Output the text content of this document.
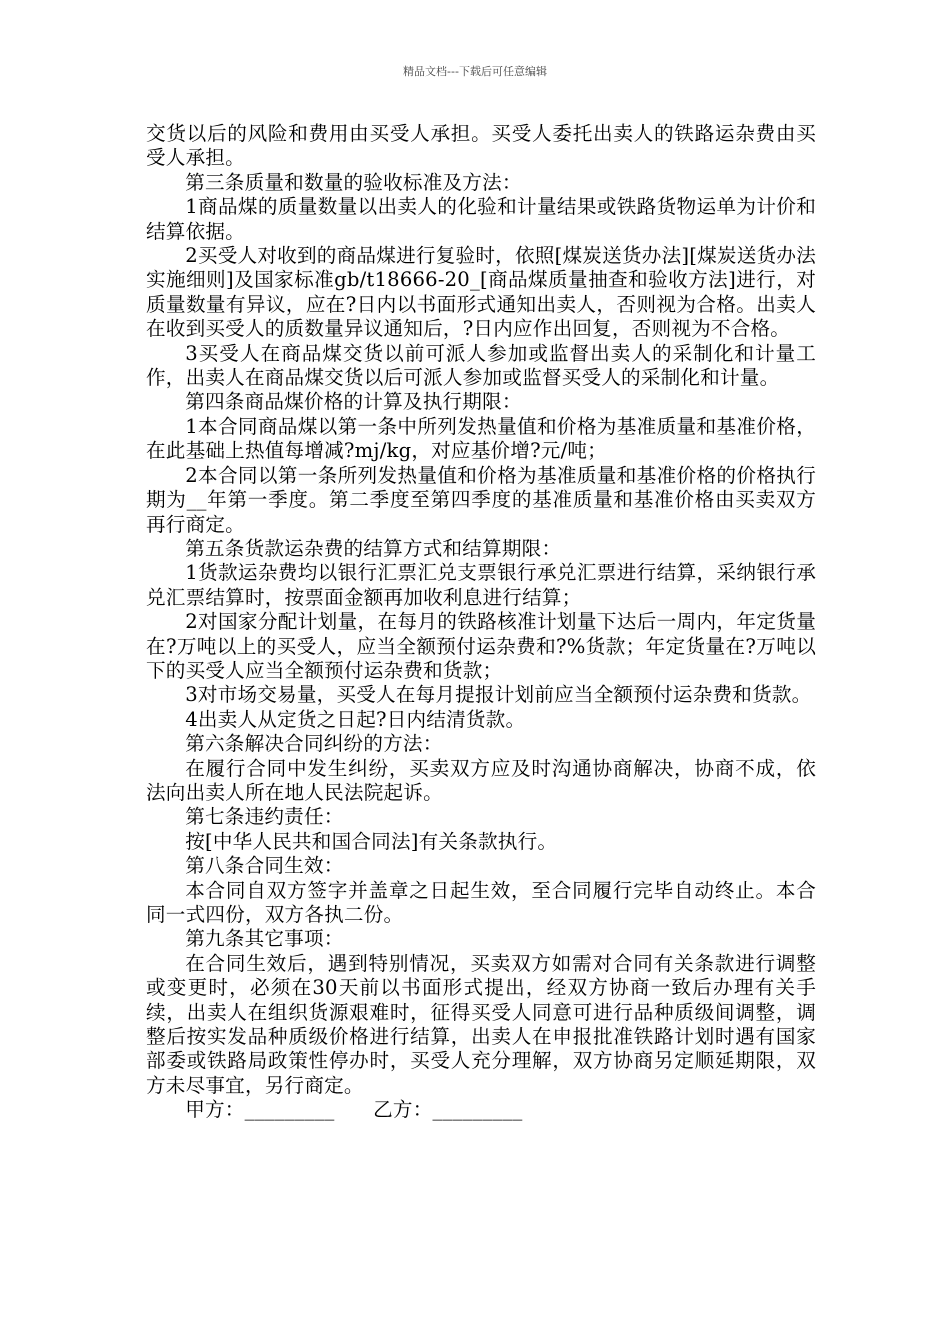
精品文档---下载后可任意编辑

交货以后的风险和费用由买受人承担。买受人委托出卖人的铁路运杂费由买受人承担。

第三条质量和数量的验收标准及方法：

1商品煤的质量数量以出卖人的化验和计量结果或铁路货物运单为计价和结算依据。

2买受人对收到的商品煤进行复验时，依照[煤炭送货办法][煤炭送货办法实施细则]及国家标准gb/t18666-20_[商品煤质量抽查和验收方法]进行，对质量数量有异议，应在?日内以书面形式通知出卖人，否则视为合格。出卖人在收到买受人的质数量异议通知后，?日内应作出回复，否则视为不合格。

3买受人在商品煤交货以前可派人参加或监督出卖人的采制化和计量工作，出卖人在商品煤交货以后可派人参加或监督买受人的采制化和计量。

第四条商品煤价格的计算及执行期限：

1本合同商品煤以第一条中所列发热量值和价格为基准质量和基准价格，在此基础上热值每增减?mj/kg，对应基价增?元/吨；

2本合同以第一条所列发热量值和价格为基准质量和基准价格的价格执行期为__年第一季度。第二季度至第四季度的基准质量和基准价格由买卖双方再行商定。

第五条货款运杂费的结算方式和结算期限：

1货款运杂费均以银行汇票汇兑支票银行承兑汇票进行结算，采纳银行承兑汇票结算时，按票面金额再加收利息进行结算；

2对国家分配计划量，在每月的铁路核准计划量下达后一周内，年定货量在?万吨以上的买受人，应当全额预付运杂费和?%货款；年定货量在?万吨以下的买受人应当全额预付运杂费和货款；

3对市场交易量，买受人在每月提报计划前应当全额预付运杂费和货款。

4出卖人从定货之日起?日内结清货款。

第六条解决合同纠纷的方法：

在履行合同中发生纠纷，买卖双方应及时沟通协商解决，协商不成，依法向出卖人所在地人民法院起诉。

第七条违约责任：

按[中华人民共和国合同法]有关条款执行。

第八条合同生效：

本合同自双方签字并盖章之日起生效，至合同履行完毕自动终止。本合同一式四份，双方各执二份。

第九条其它事项：

在合同生效后，遇到特别情况，买卖双方如需对合同有关条款进行调整或变更时，必须在30天前以书面形式提出，经双方协商一致后办理有关手续，出卖人在组织货源艰难时，征得买受人同意可进行品种质级间调整，调整后按实发品种质级价格进行结算，出卖人在申报批准铁路计划时遇有国家部委或铁路局政策性停办时，买受人充分理解，双方协商另定顺延期限，双方未尽事宜，另行商定。

甲方：_________      乙方：_________
